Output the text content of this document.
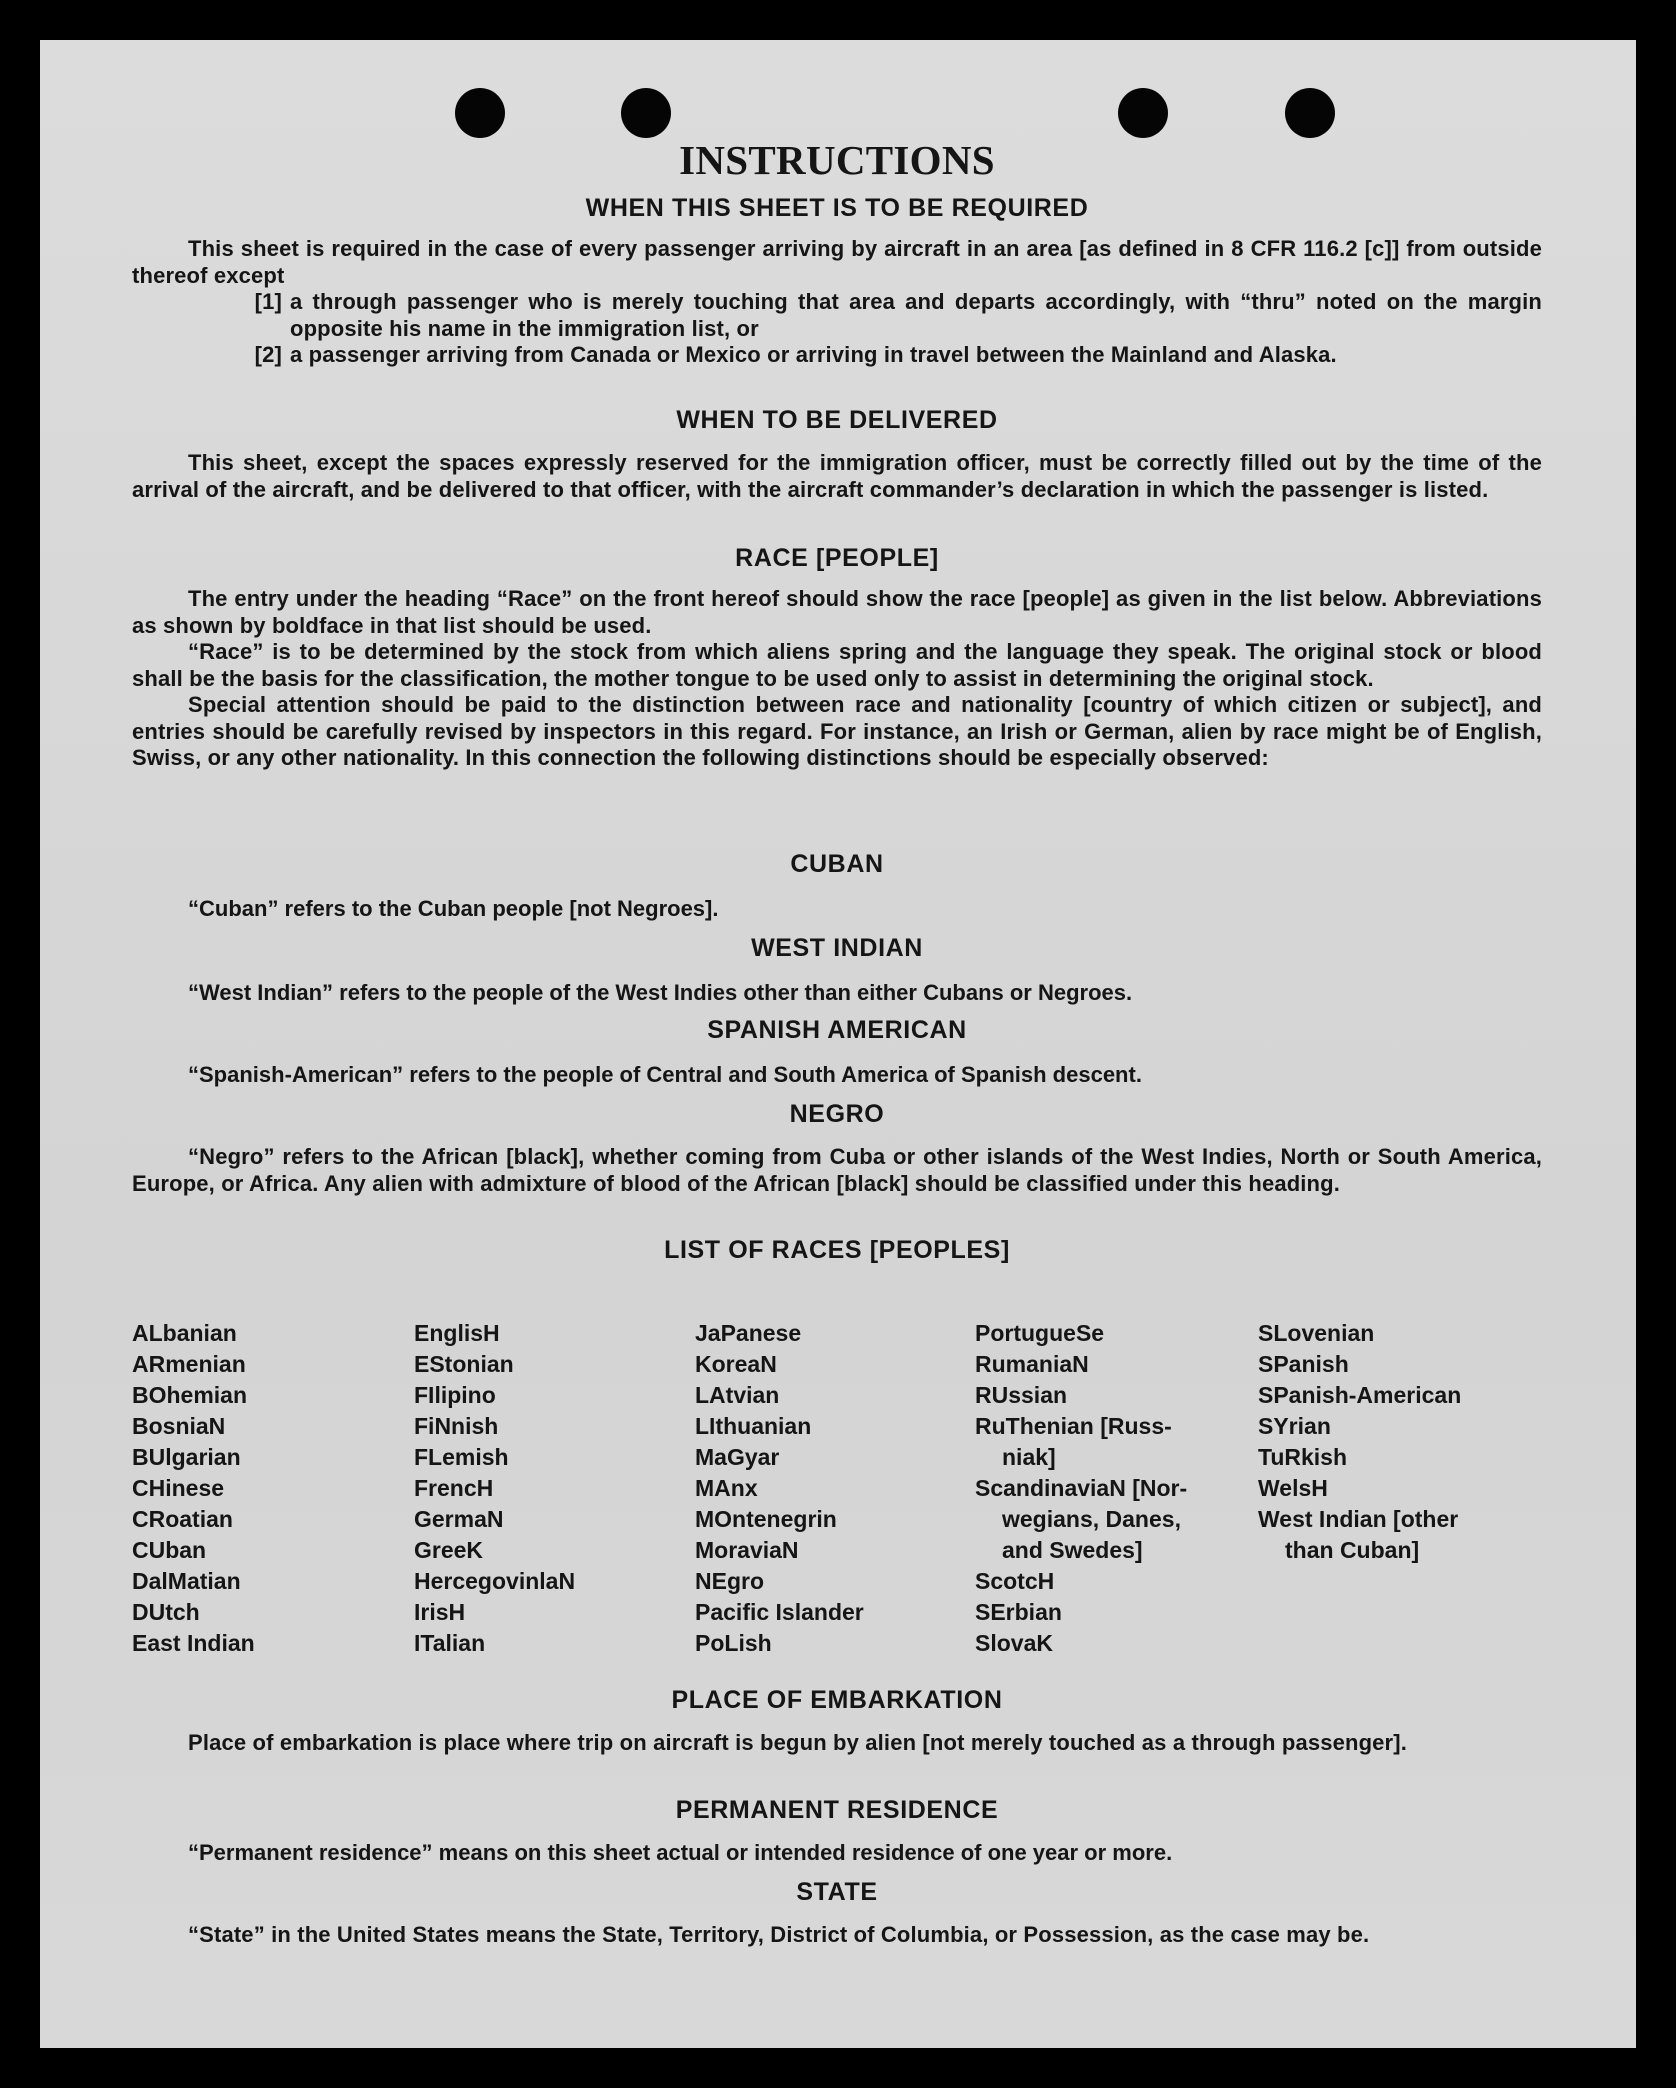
INSTRUCTIONS
WHEN THIS SHEET IS TO BE REQUIRED

This sheet is required in the case of every passenger arriving by aircraft in an area [as defined in 8 CFR 116.2 [c]] from outside thereof except

[1] a through passenger who is merely touching that area and departs accordingly, with “thru” noted on the margin opposite his name in the immigration list, or
[2] a passenger arriving from Canada or Mexico or arriving in travel between the Mainland and Alaska.
WHEN TO BE DELIVERED

This sheet, except the spaces expressly reserved for the immigration officer, must be correctly filled out by the time of the arrival of the aircraft, and be delivered to that officer, with the aircraft commander’s declaration in which the passenger is listed.

RACE [PEOPLE]

The entry under the heading “Race” on the front hereof should show the race [people] as given in the list below. Abbreviations as shown by boldface in that list should be used.

“Race” is to be determined by the stock from which aliens spring and the language they speak. The original stock or blood shall be the basis for the classification, the mother tongue to be used only to assist in determining the original stock.

Special attention should be paid to the distinction between race and nationality [country of which citizen or subject], and entries should be carefully revised by inspectors in this regard. For instance, an Irish or German, alien by race might be of English, Swiss, or any other nationality. In this connection the following distinctions should be especially observed:

CUBAN
“Cuban” refers to the Cuban people [not Negroes].
WEST INDIAN
“West Indian” refers to the people of the West Indies other than either Cubans or Negroes.
SPANISH AMERICAN
“Spanish-American” refers to the people of Central and South America of Spanish descent.
NEGRO

“Negro” refers to the African [black], whether coming from Cuba or other islands of the West Indies, North or South America, Europe, or Africa. Any alien with admixture of blood of the African [black] should be classified under this heading.

LIST OF RACES [PEOPLES]
ALbanian
ARmenian
BOhemian
BosniaN
BUlgarian
CHinese
CRoatian
CUban
DalMatian
DUtch
East Indian
EnglisH
EStonian
FIlipino
FiNnish
FLemish
FrencH
GermaN
GreeK
HercegovinlaN
IrisH
ITalian
JaPanese
KoreaN
LAtvian
LIthuanian
MaGyar
MAnx
MOntenegrin
MoraviaN
NEgro
Pacific Islander
PoLish
PortugueSe
RumaniaN
RUssian
RuThenian [Russ-
niak]
ScandinaviaN [Nor-
wegians, Danes,
and Swedes]
ScotcH
SErbian
SlovaK
SLovenian
SPanish
SPanish-American
SYrian
TuRkish
WelsH
West Indian [other
than Cuban]
PLACE OF EMBARKATION

Place of embarkation is place where trip on aircraft is begun by alien [not merely touched as a through passenger].

PERMANENT RESIDENCE
“Permanent residence” means on this sheet actual or intended residence of one year or more.
STATE

“State” in the United States means the State, Territory, District of Columbia, or Possession, as the case may be.
